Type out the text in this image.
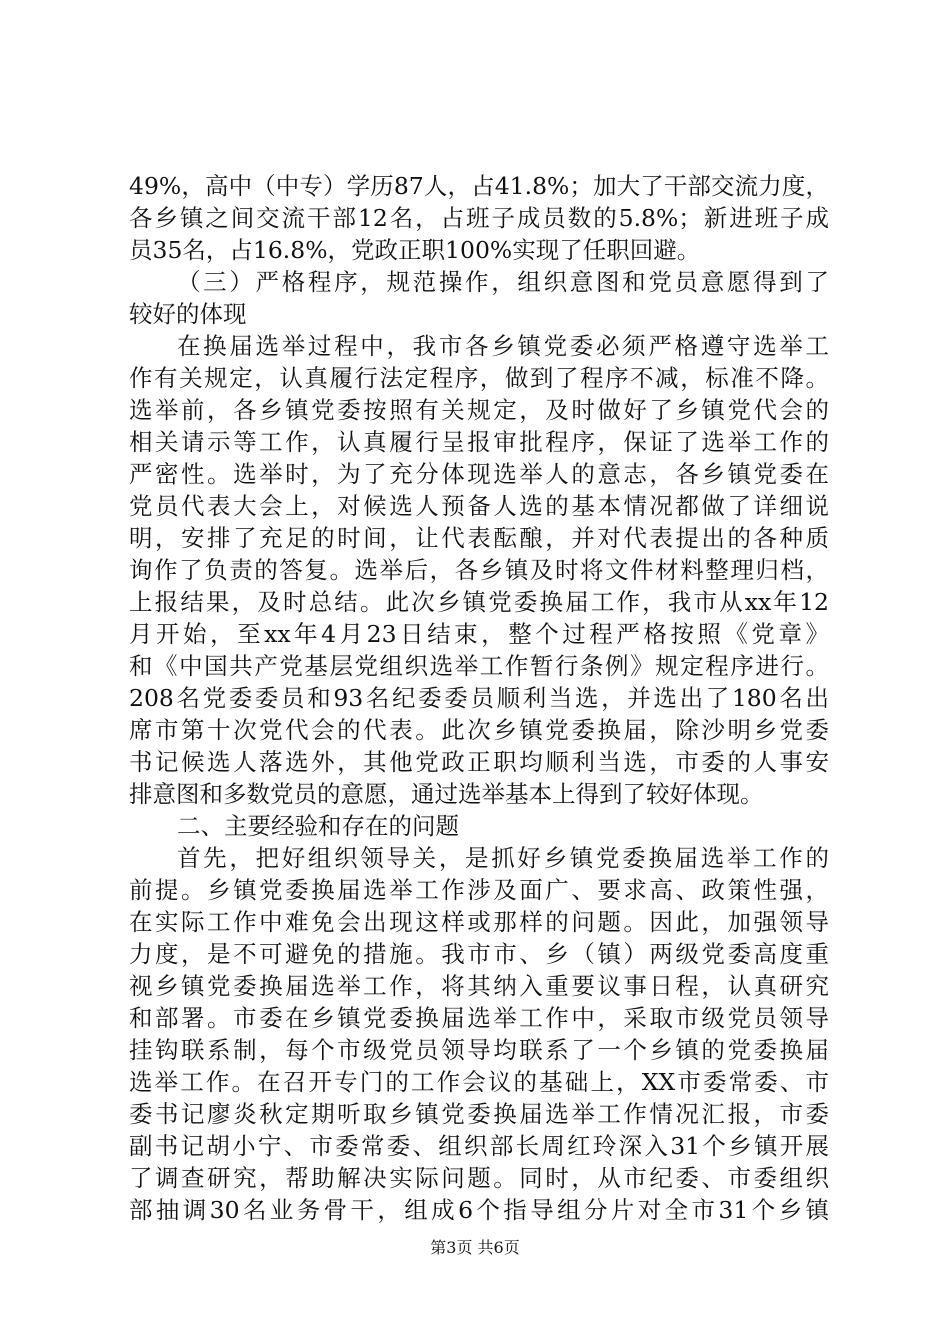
49%，高中（中专）学历87人，占41.8%；加大了干部交流力度，
各乡镇之间交流干部12名，占班子成员数的5.8%；新进班子成
员35名，占16.8%，党政正职100%实现了任职回避。
（三）严格程序，规范操作，组织意图和党员意愿得到了
较好的体现
在换届选举过程中，我市各乡镇党委必须严格遵守选举工
作有关规定，认真履行法定程序，做到了程序不减，标准不降。
选举前，各乡镇党委按照有关规定，及时做好了乡镇党代会的
相关请示等工作，认真履行呈报审批程序，保证了选举工作的
严密性。选举时，为了充分体现选举人的意志，各乡镇党委在
党员代表大会上，对候选人预备人选的基本情况都做了详细说
明，安排了充足的时间，让代表酝酿，并对代表提出的各种质
询作了负责的答复。选举后，各乡镇及时将文件材料整理归档，
上报结果，及时总结。此次乡镇党委换届工作，我市从xx年12
月开始，至xx年4月23日结束，整个过程严格按照《党章》
和《中国共产党基层党组织选举工作暂行条例》规定程序进行。
208名党委委员和93名纪委委员顺利当选，并选出了180名出
席市第十次党代会的代表。此次乡镇党委换届，除沙明乡党委
书记候选人落选外，其他党政正职均顺利当选，市委的人事安
排意图和多数党员的意愿，通过选举基本上得到了较好体现。
二、主要经验和存在的问题
首先，把好组织领导关，是抓好乡镇党委换届选举工作的
前提。乡镇党委换届选举工作涉及面广、要求高、政策性强，
在实际工作中难免会出现这样或那样的问题。因此，加强领导
力度，是不可避免的措施。我市市、乡（镇）两级党委高度重
视乡镇党委换届选举工作，将其纳入重要议事日程，认真研究
和部署。市委在乡镇党委换届选举工作中，采取市级党员领导
挂钩联系制，每个市级党员领导均联系了一个乡镇的党委换届
选举工作。在召开专门的工作会议的基础上，XX市委常委、市
委书记廖炎秋定期听取乡镇党委换届选举工作情况汇报，市委
副书记胡小宁、市委常委、组织部长周红玲深入31个乡镇开展
了调查研究，帮助解决实际问题。同时，从市纪委、市委组织
部抽调30名业务骨干，组成6个指导组分片对全市31个乡镇
第3页 共6页
